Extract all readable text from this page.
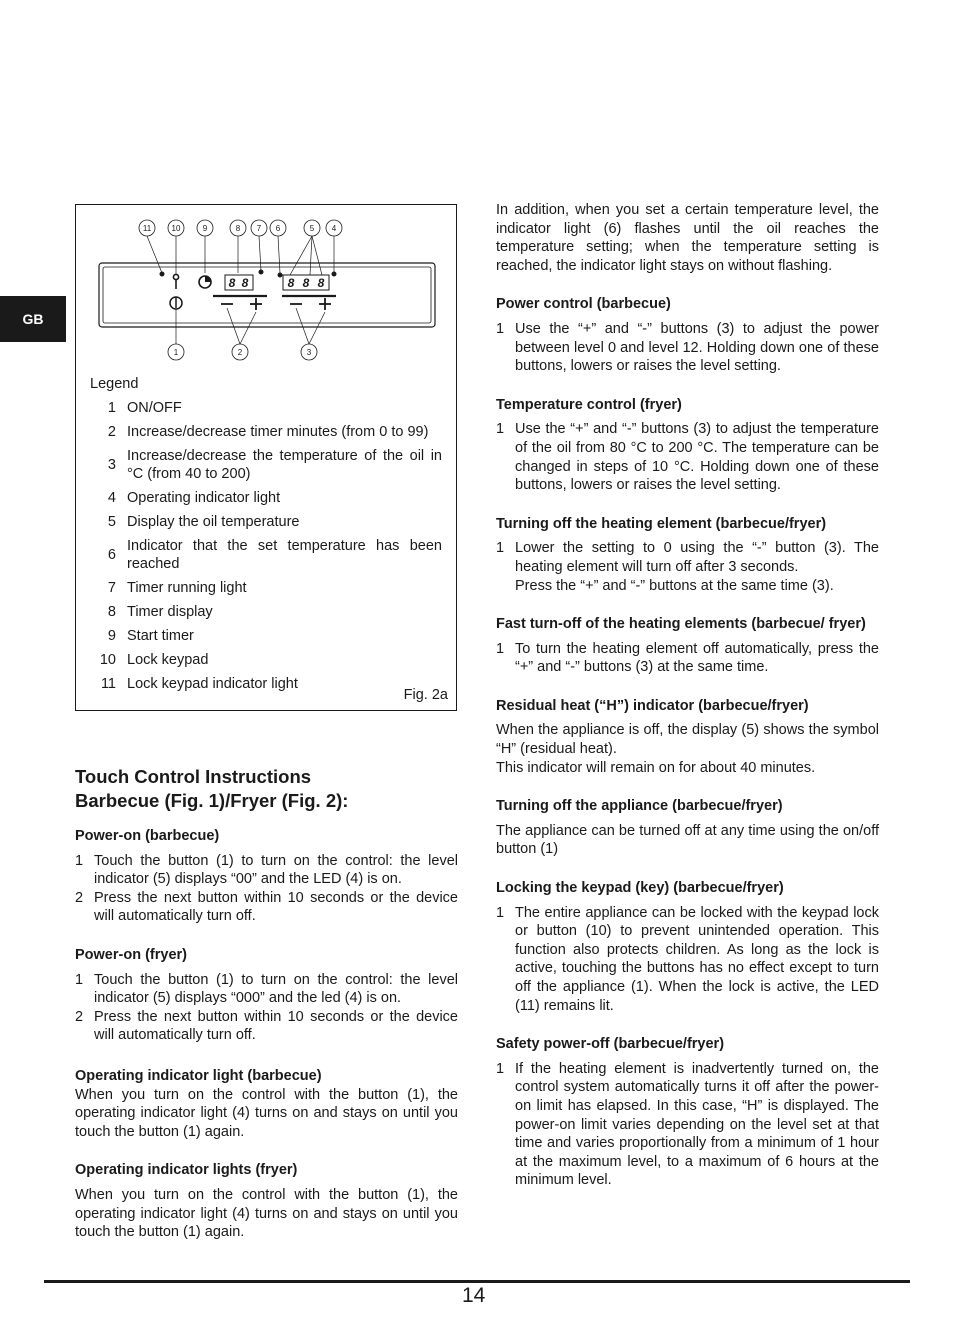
GB
11	10	9	8 7 6	5 4
8 8	8 8 8
1	2	3
Legend
1 ON/OFF
2 Increase/decrease timer minutes (from 0 to 99)
3
Increase/decrease the temperature of the oil in °C (from 40 to 200)
4 Operating indicator light
5 Display the oil temperature
6
Indicator that the set temperature has been reached
7 Timer running light
8 Timer display
9 Start timer
10 Lock keypad
11 Lock keypad indicator light
Fig. 2a
Touch Control Instructions
Barbecue (Fig. 1)/Fryer (Fig. 2):
Power-on (barbecue)
1 Touch the button (1) to turn on the control: the level indicator (5) displays “00” and the LED (4) is on.
2 Press the next button within 10 seconds or the device will automatically turn off.
Power-on (fryer)
1 Touch the button (1) to turn on the control: the level indicator (5) displays “000” and the led (4) is on.
2 Press the next button within 10 seconds or the device will automatically turn off.
Operating indicator light (barbecue)

When you turn on the control with the button (1), the operating indicator light (4) turns on and stays on until you touch the button (1) again.

Operating indicator lights (fryer)

When you turn on the control with the button (1), the operating indicator light (4) turns on and stays on until you touch the button (1) again.

In addition, when you set a certain temperature level, the indicator light (6) flashes until the oil reaches the temperature setting; when the temperature setting is reached, the indicator light stays on without flashing.

Power control (barbecue)
1 Use the “+” and “-” buttons (3) to adjust the power between level 0 and level 12. Holding down one of these buttons, lowers or raises the level setting.
Temperature control (fryer)
1 Use the “+” and “-” buttons (3) to adjust the temperature of the oil from 80 °C to 200 °C. The temperature can be changed in steps of 10 °C. Holding down one of these buttons, lowers or raises the level setting.
Turning off the heating element (barbecue/fryer)
1 Lower the setting to 0 using the “-” button (3). The heating element will turn off after 3 seconds.
Press the “+” and “-” buttons at the same time (3).
Fast turn-off of the heating elements (barbecue/ fryer)
1 To turn the heating element off automatically, press the “+” and “-” buttons (3) at the same time.
Residual heat (“H”) indicator (barbecue/fryer)

When the appliance is off, the display (5) shows the symbol “H” (residual heat).

This indicator will remain on for about 40 minutes.

Turning off the appliance (barbecue/fryer)

The appliance can be turned off at any time using the on/off button (1)

Locking the keypad (key) (barbecue/fryer)
1 The entire appliance can be locked with the keypad lock or button (10) to prevent unintended operation. This function also protects children. As long as the lock is active, touching the buttons has no effect except to turn off the appliance (1). When the lock is active, the LED (11) remains lit.
Safety power-off (barbecue/fryer)
1 If the heating element is inadvertently turned on, the control system automatically turns it off after the power-on limit has elapsed. In this case, “H” is displayed. The power-on limit varies depending on the level set at that time and varies proportionally from a minimum of 1 hour at the maximum level, to a maximum of 6 hours at the minimum level.
14
